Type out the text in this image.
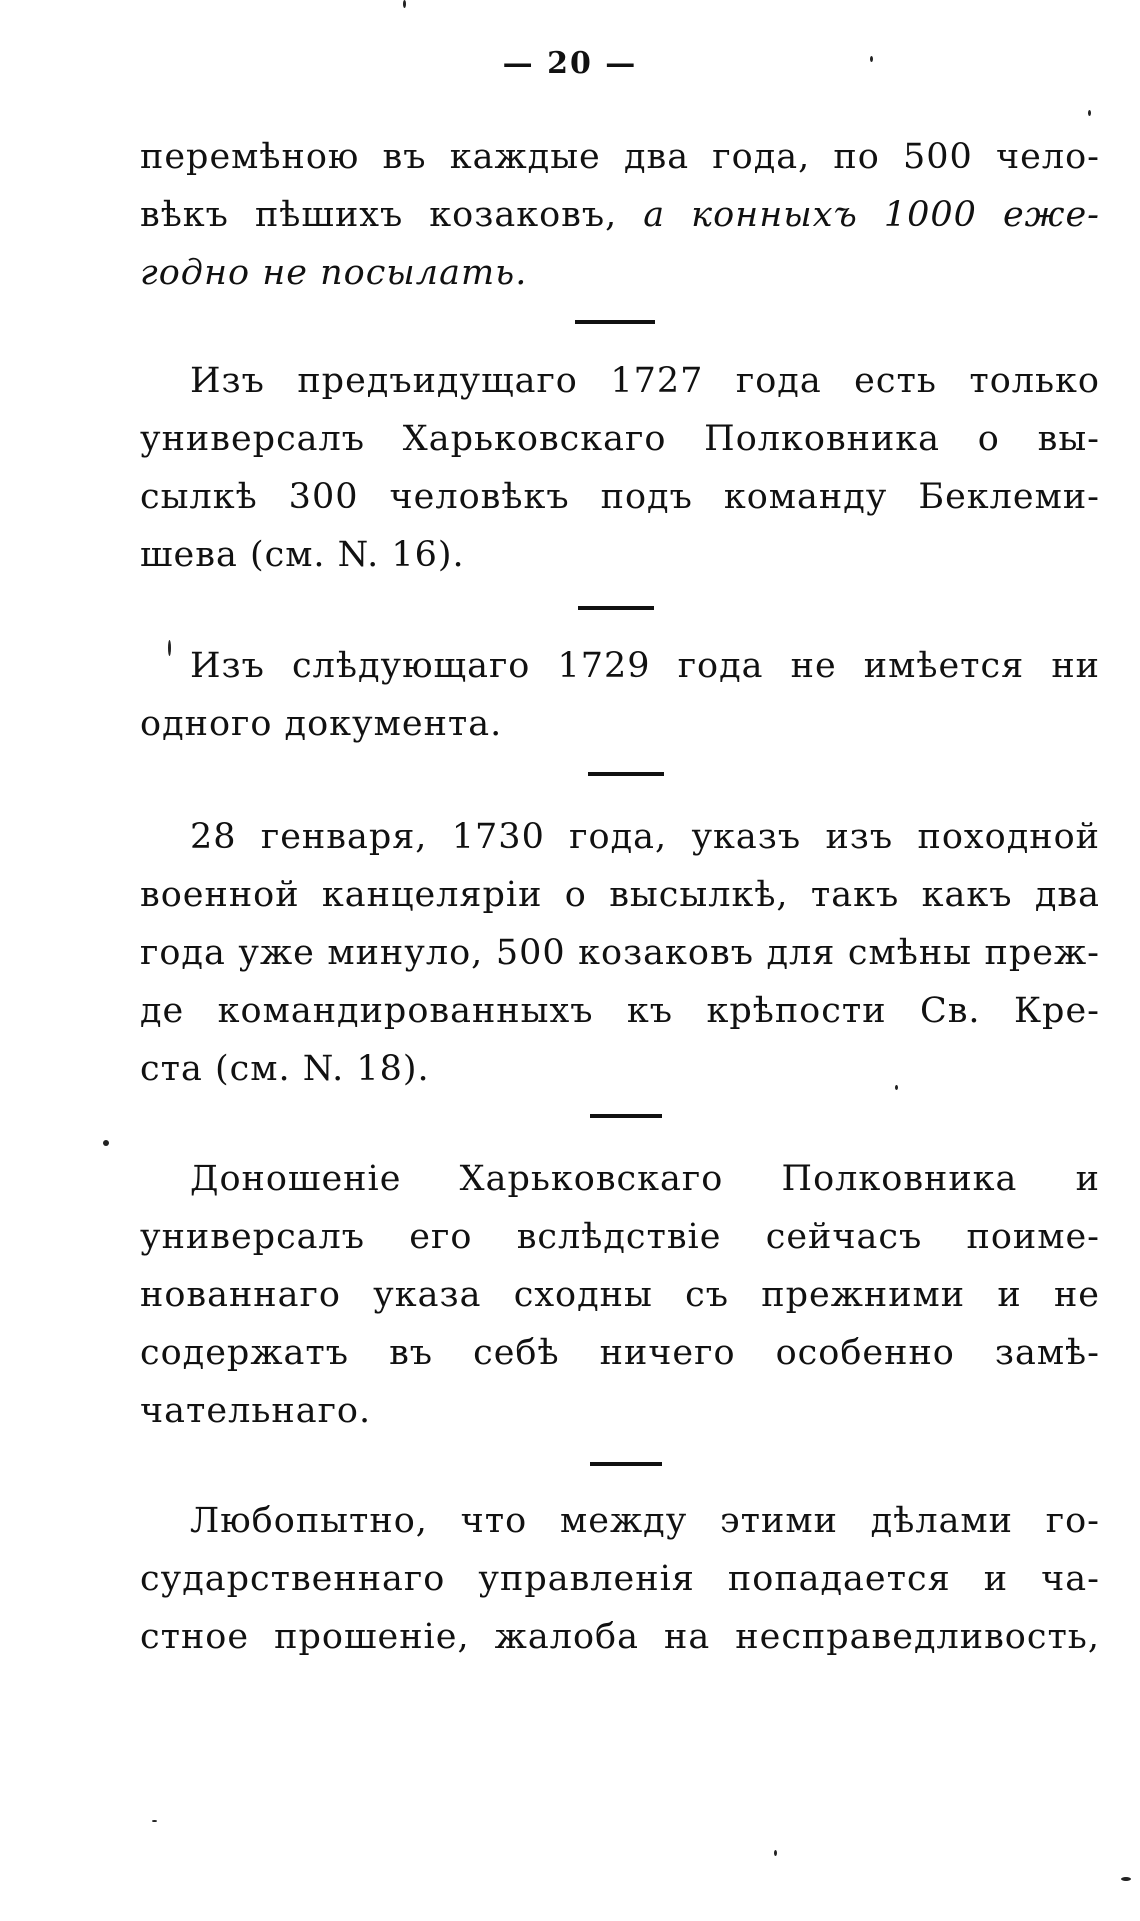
— 20 —
перемѣною въ каждые два года, по 500 чело-
вѣкъ пѣшихъ козаковъ, а конныхъ 1000 ежe-
годно не посылать.
Изъ предъидущаго 1727 года есть только
универсалъ Харьковскаго Полковника о вы-
сылкѣ 300 человѣкъ подъ команду Беклеми-
шева (см. N. 16).
Изъ слѣдующаго 1729 года не имѣется ни
одного документа.
28 генваря, 1730 года, указъ изъ походной
военной канцеляріи о высылкѣ, такъ какъ два
года уже минуло, 500 козаковъ для смѣны преж-
де командированныхъ къ крѣпости Св. Кре-
ста (см. N. 18).
Доношеніе Харьковскаго Полковника и
универсалъ его вслѣдствіе сейчасъ поиме-
нованнаго указа сходны съ прежними и не
содержатъ въ себѣ ничего особенно замѣ-
чательнаго.
Любопытно, что между этими дѣлами го-
сударственнаго управленія попадается и ча-
стное прошеніе, жалоба на несправедливость,
